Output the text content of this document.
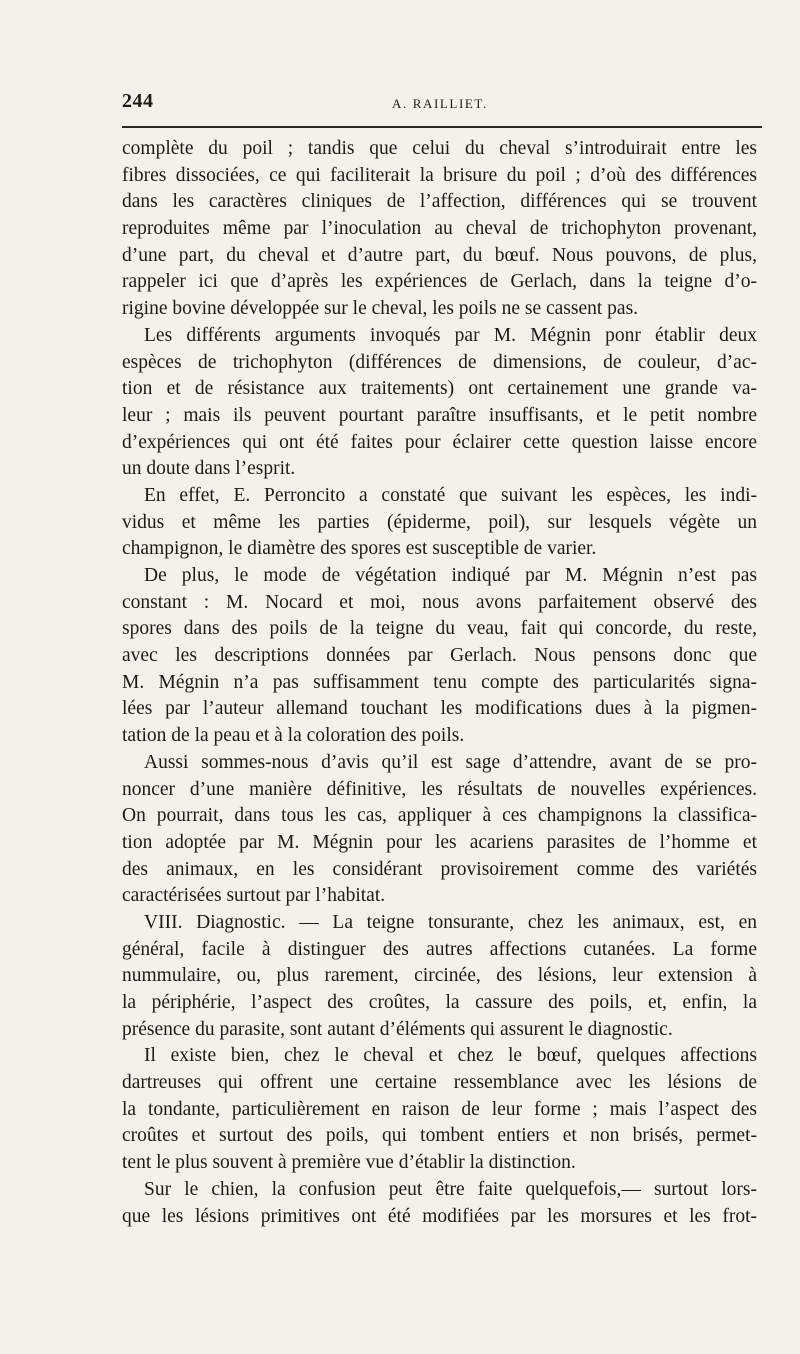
244	A. RAILLIET.
complète du poil ; tandis que celui du cheval s’introduirait entre les
fibres dissociées, ce qui faciliterait la brisure du poil ; d’où des différences
dans les caractères cliniques de l’affection, différences qui se trouvent
reproduites même par l’inoculation au cheval de trichophyton provenant,
d’une part, du cheval et d’autre part, du bœuf. Nous pouvons, de plus,
rappeler ici que d’après les expériences de Gerlach, dans la teigne d’o-
rigine bovine développée sur le cheval, les poils ne se cassent pas.
Les différents arguments invoqués par M. Mégnin ponr établir deux
espèces de trichophyton (différences de dimensions, de couleur, d’ac-
tion et de résistance aux traitements) ont certainement une grande va-
leur ; mais ils peuvent pourtant paraître insuffisants, et le petit nombre
d’expériences qui ont été faites pour éclairer cette question laisse encore
un doute dans l’esprit.
En effet, E. Perroncito a constaté que suivant les espèces, les indi-
vidus et même les parties (épiderme, poil), sur lesquels végète un
champignon, le diamètre des spores est susceptible de varier.
De plus, le mode de végétation indiqué par M. Mégnin n’est pas
constant : M. Nocard et moi, nous avons parfaitement observé des
spores dans des poils de la teigne du veau, fait qui concorde, du reste,
avec les descriptions données par Gerlach. Nous pensons donc que
M. Mégnin n’a pas suffisamment tenu compte des particularités signa-
lées par l’auteur allemand touchant les modifications dues à la pigmen-
tation de la peau et à la coloration des poils.
Aussi sommes-nous d’avis qu’il est sage d’attendre, avant de se pro-
noncer d’une manière définitive, les résultats de nouvelles expériences.
On pourrait, dans tous les cas, appliquer à ces champignons la classifica-
tion adoptée par M. Mégnin pour les acariens parasites de l’homme et
des animaux, en les considérant provisoirement comme des variétés
caractérisées surtout par l’habitat.
VIII. Diagnostic. — La teigne tonsurante, chez les animaux, est, en
général, facile à distinguer des autres affections cutanées. La forme
nummulaire, ou, plus rarement, circinée, des lésions, leur extension à
la périphérie, l’aspect des croûtes, la cassure des poils, et, enfin, la
présence du parasite, sont autant d’éléments qui assurent le diagnostic.
Il existe bien, chez le cheval et chez le bœuf, quelques affections
dartreuses qui offrent une certaine ressemblance avec les lésions de
la tondante, particulièrement en raison de leur forme ; mais l’aspect des
croûtes et surtout des poils, qui tombent entiers et non brisés, permet-
tent le plus souvent à première vue d’établir la distinction.
Sur le chien, la confusion peut être faite quelquefois,— surtout lors-
que les lésions primitives ont été modifiées par les morsures et les frot-
